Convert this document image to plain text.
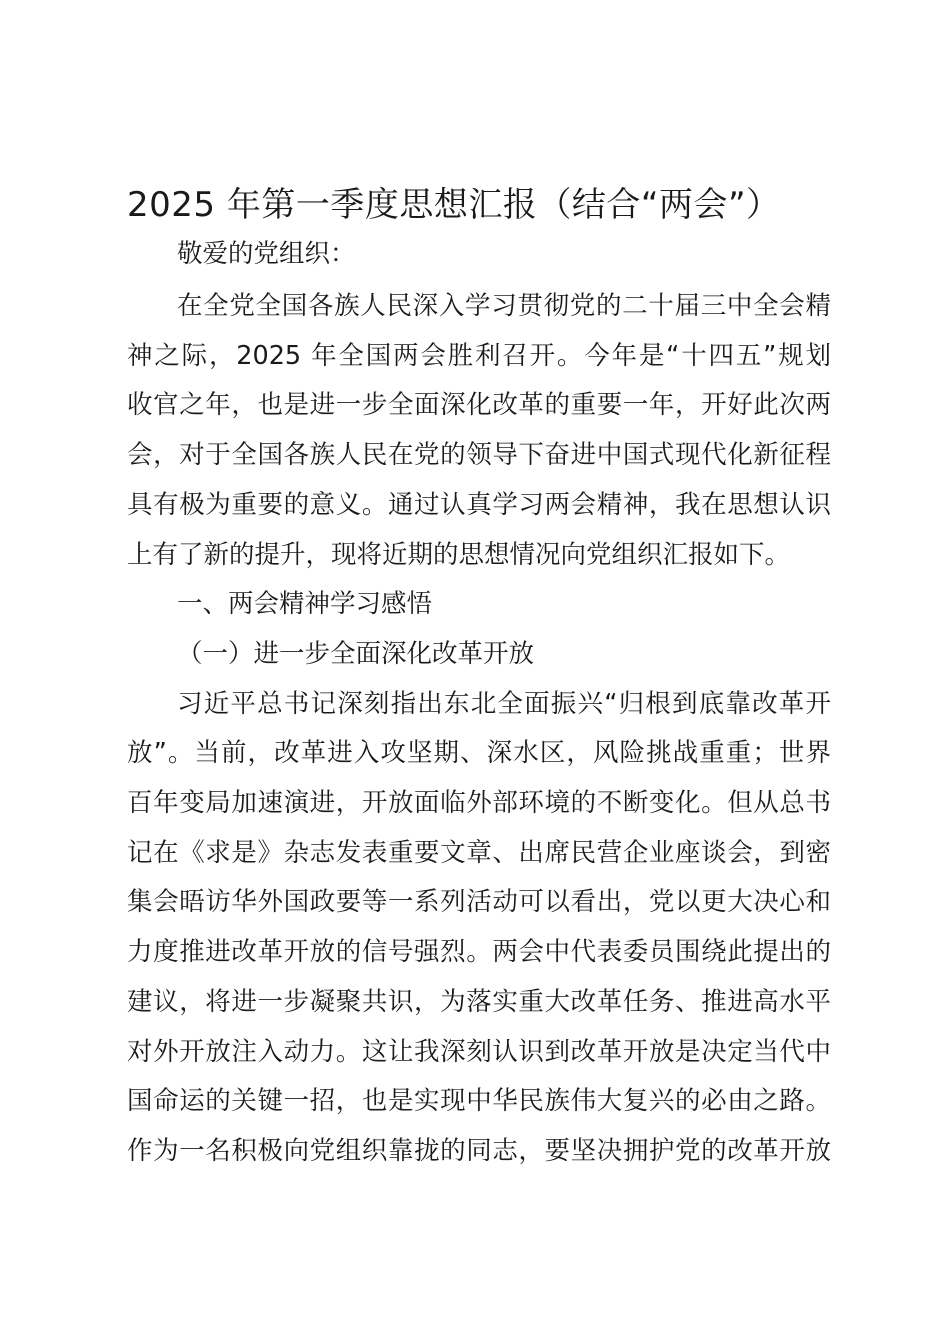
2025 年第一季度思想汇报（结合“两会”）
敬爱的党组织：
在全党全国各族人民深入学习贯彻党的二十届三中全会精
神之际，2025 年全国两会胜利召开。今年是“十四五”规划
收官之年，也是进一步全面深化改革的重要一年，开好此次两
会，对于全国各族人民在党的领导下奋进中国式现代化新征程
具有极为重要的意义。通过认真学习两会精神，我在思想认识
上有了新的提升，现将近期的思想情况向党组织汇报如下。
一、两会精神学习感悟
（一）进一步全面深化改革开放
习近平总书记深刻指出东北全面振兴“归根到底靠改革开
放”。当前，改革进入攻坚期、深水区，风险挑战重重；世界
百年变局加速演进，开放面临外部环境的不断变化。但从总书
记在《求是》杂志发表重要文章、出席民营企业座谈会，到密
集会晤访华外国政要等一系列活动可以看出，党以更大决心和
力度推进改革开放的信号强烈。两会中代表委员围绕此提出的
建议，将进一步凝聚共识，为落实重大改革任务、推进高水平
对外开放注入动力。这让我深刻认识到改革开放是决定当代中
国命运的关键一招，也是实现中华民族伟大复兴的必由之路。
作为一名积极向党组织靠拢的同志，要坚决拥护党的改革开放
